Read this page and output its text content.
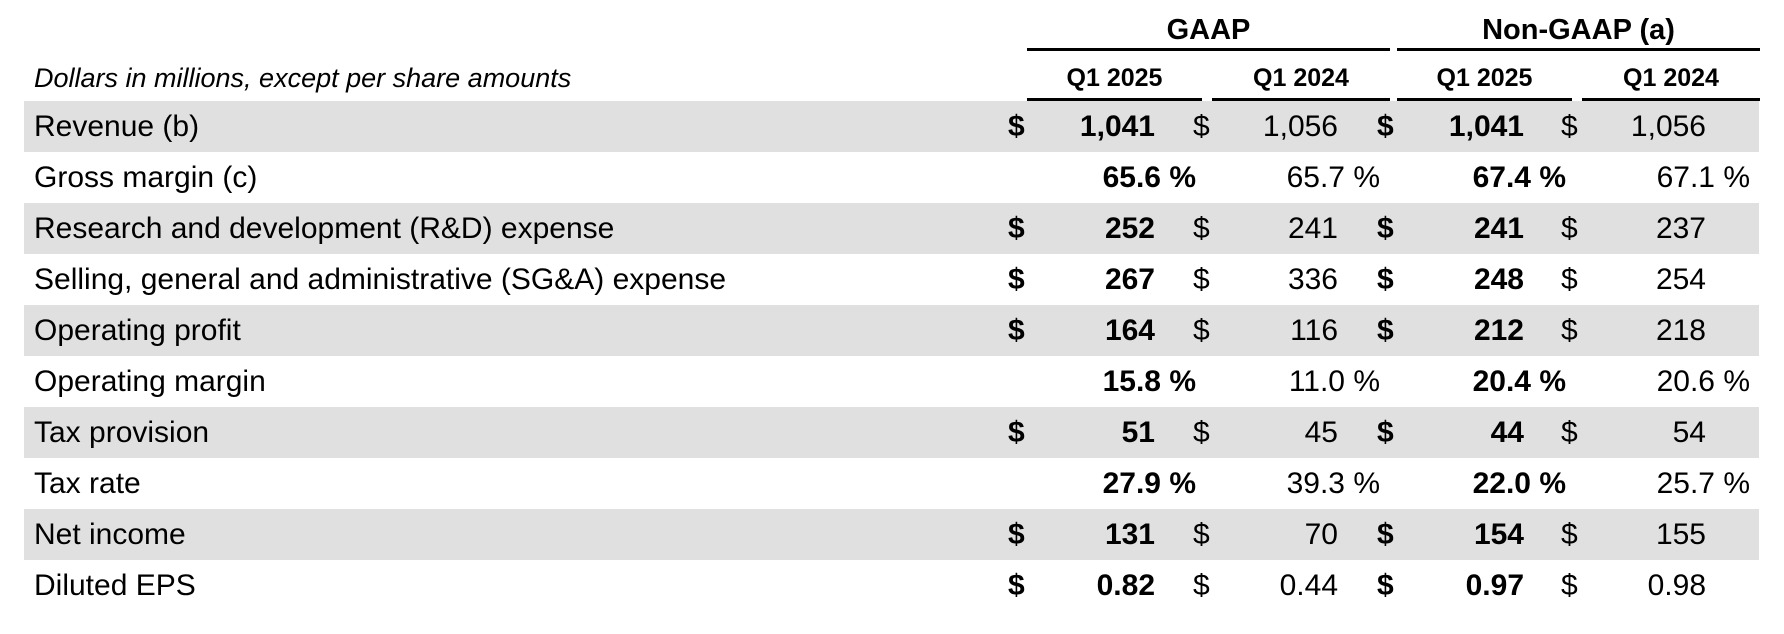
GAAP	Non-GAAP (a)
Dollars in millions, except per share amounts	Q1 2025	Q1 2024	Q1 2025	Q1 2024
Revenue (b)	$ 1,041 $ 1,056 $ 1,041 $ 1,056
Gross margin (c)	65.6 %	65.7 %	67.4 %	67.1 %
Research and development (R&D) expense	$	252 $	241 $	241 $	237
Selling, general and administrative (SG&A) expense	$	267 $	336 $	248 $	254
Operating profit	$	164 $	116 $	212 $	218
Operating margin	15.8 %	11.0 %	20.4 %	20.6 %
Tax provision	$	51 $	45 $	44 $	54
Tax rate	27.9 %	39.3 %	22.0 %	25.7 %
Net income	$	131 $	70 $	154 $	155
Diluted EPS	$ 0.82 $ 0.44 $ 0.97 $ 0.98
